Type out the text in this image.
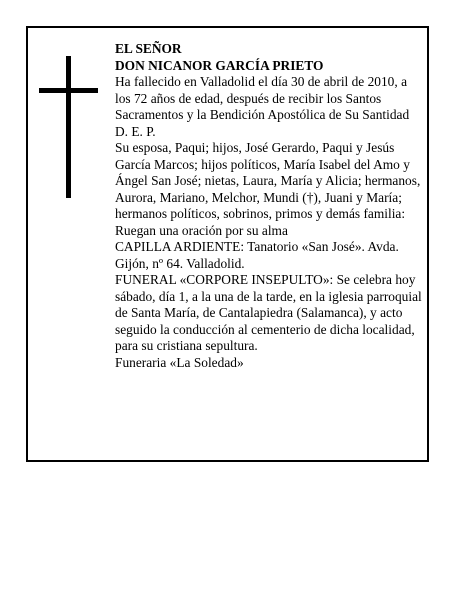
EL SEÑOR

DON NICANOR GARCÍA PRIETO

Ha fallecido en Valladolid el día 30 de abril de 2010, a los 72 años de edad, después de recibir los Santos Sacramentos y la Bendición Apostólica de Su Santidad D. E. P.

Su esposa, Paqui; hijos, José Gerardo, Paqui y Jesús García Marcos; hijos políticos, María Isabel del Amo y Ángel San José; nietas, Laura, María y Alicia; hermanos, Aurora, Mariano, Melchor, Mundi (†), Juani y María; hermanos políticos, sobrinos, primos y demás familia:

Ruegan una oración por su alma

CAPILLA ARDIENTE: Tanatorio «San José». Avda. Gijón, nº 64. Valladolid.

FUNERAL «CORPORE INSEPULTO»: Se celebra hoy sábado, día 1, a la una de la tarde, en la iglesia parroquial de Santa María, de Cantalapiedra (Salamanca), y acto seguido la conducción al cementerio de dicha localidad, para su cristiana sepultura.

Funeraria «La Soledad»
